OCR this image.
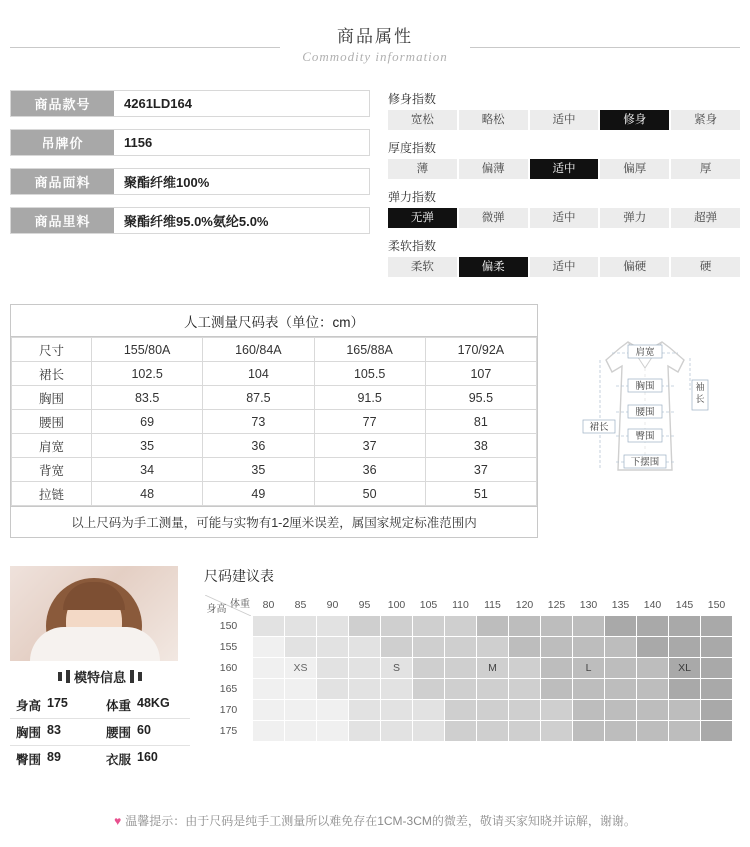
商品属性
Commodity information
商品款号	4261LD164
吊牌价	1156
商品面料	聚酯纤维100%
商品里料	聚酯纤维95.0%氨纶5.0%
修身指数
宽松	略松	适中	修身	紧身
厚度指数
薄	偏薄	适中	偏厚	厚
弹力指数
无弹	微弹	适中	弹力	超弹
柔软指数
柔软	偏柔	适中	偏硬	硬
人工测量尺码表（单位：cm）
尺寸	155/80A	160/84A	165/88A	170/92A
裙长	102.5	104	105.5	107
胸围	83.5	87.5	91.5	95.5
腰围	69	73	77	81
肩宽	35	36	37	38
背宽	34	35	36	37
拉链	48	49	50	51
以上尺码为手工测量，可能与实物有1-2厘米误差，属国家规定标准范围内
肩宽
胸围
腰围
臀围
下摆围
裙长
袖
长
模特信息
身高 175	体重 48KG
胸围 83	腰围 60
臀围 89	衣服 160
尺码建议表
体重
身高	80	85	90	95	100	105	110	115	120	125	130	135	140	145	150
150															
155															
160		XS			S			M			L			XL	
165															
170															
175															
♥ 温馨提示：由于尺码是纯手工测量所以难免存在1CM-3CM的微差，敬请买家知晓并谅解，谢谢。
